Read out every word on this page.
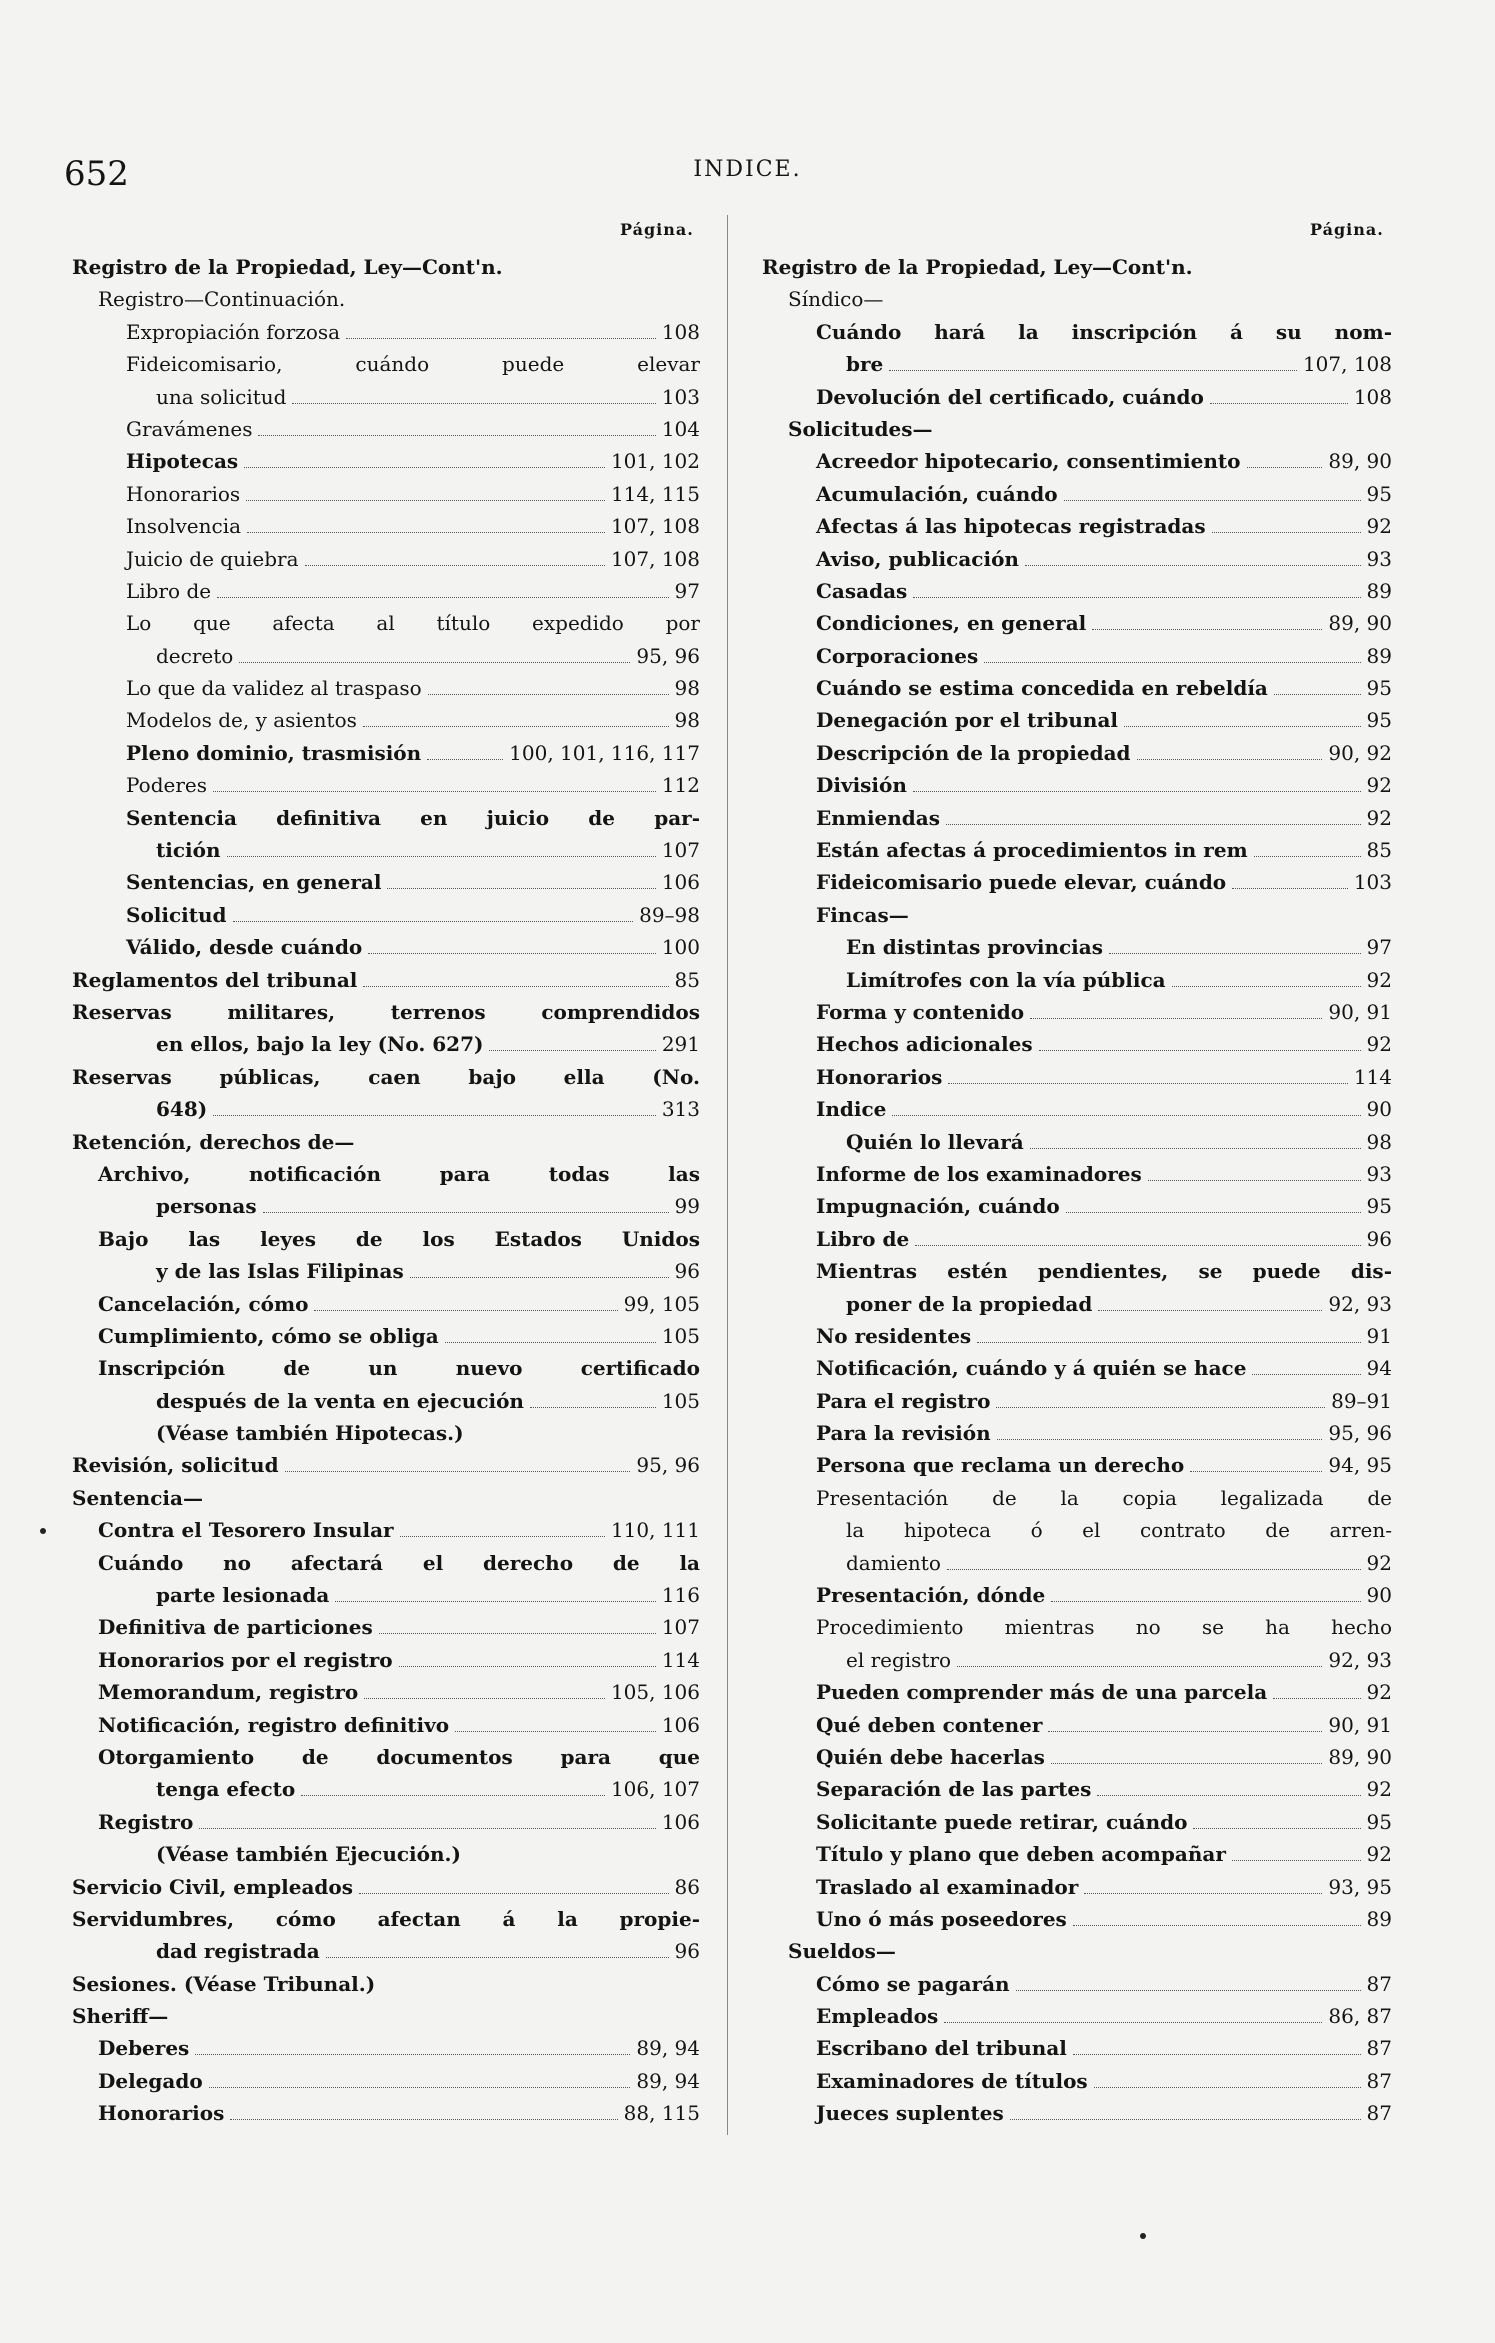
652	INDICE.
Página.	Página.
Registro de la Propiedad, Ley—Cont'n.
Registro—Continuación.
Expropiación forzosa	108
Fideicomisario, cuándo puede elevar
una solicitud	103
Gravámenes	104
Hipotecas	101, 102
Honorarios	114, 115
Insolvencia	107, 108
Juicio de quiebra	107, 108
Libro de	97
Lo que afecta al título expedido por
decreto	95, 96
Lo que da validez al traspaso	98
Modelos de, y asientos	98
Pleno dominio, trasmisión	100, 101, 116, 117
Poderes	112
Sentencia definitiva en juicio de par-
tición	107
Sentencias, en general	106
Solicitud	89–98
Válido, desde cuándo	100
Reglamentos del tribunal	85
Reservas militares, terrenos comprendidos
en ellos, bajo la ley (No. 627)	291
Reservas públicas, caen bajo ella (No.
648)	313
Retención, derechos de—
Archivo, notificación para todas las
personas	99
Bajo las leyes de los Estados Unidos
y de las Islas Filipinas	96
Cancelación, cómo	99, 105
Cumplimiento, cómo se obliga	105
Inscripción de un nuevo certificado
después de la venta en ejecución	105
(Véase también Hipotecas.)
Revisión, solicitud	95, 96
Sentencia—
Contra el Tesorero Insular	110, 111
Cuándo no afectará el derecho de la
parte lesionada	116
Definitiva de particiones	107
Honorarios por el registro	114
Memorandum, registro	105, 106
Notificación, registro definitivo	106
Otorgamiento de documentos para que
tenga efecto	106, 107
Registro	106
(Véase también Ejecución.)
Servicio Civil, empleados	86
Servidumbres, cómo afectan á la propie-
dad registrada	96
Sesiones. (Véase Tribunal.)
Sheriff—
Deberes	89, 94
Delegado	89, 94
Honorarios	88, 115
Registro de la Propiedad, Ley—Cont'n.
Síndico—
Cuándo hará la inscripción á su nom-
bre	107, 108
Devolución del certificado, cuándo	108
Solicitudes—
Acreedor hipotecario, consentimiento	89, 90
Acumulación, cuándo	95
Afectas á las hipotecas registradas	92
Aviso, publicación	93
Casadas	89
Condiciones, en general	89, 90
Corporaciones	89
Cuándo se estima concedida en rebeldía	95
Denegación por el tribunal	95
Descripción de la propiedad	90, 92
División	92
Enmiendas	92
Están afectas á procedimientos in rem	85
Fideicomisario puede elevar, cuándo	103
Fincas—
En distintas provincias	97
Limítrofes con la vía pública	92
Forma y contenido	90, 91
Hechos adicionales	92
Honorarios	114
Indice	90
Quién lo llevará	98
Informe de los examinadores	93
Impugnación, cuándo	95
Libro de	96
Mientras estén pendientes, se puede dis-
poner de la propiedad	92, 93
No residentes	91
Notificación, cuándo y á quién se hace	94
Para el registro	89–91
Para la revisión	95, 96
Persona que reclama un derecho	94, 95
Presentación de la copia legalizada de
la hipoteca ó el contrato de arren-
damiento	92
Presentación, dónde	90
Procedimiento mientras no se ha hecho
el registro	92, 93
Pueden comprender más de una parcela	92
Qué deben contener	90, 91
Quién debe hacerlas	89, 90
Separación de las partes	92
Solicitante puede retirar, cuándo	95
Título y plano que deben acompañar	92
Traslado al examinador	93, 95
Uno ó más poseedores	89
Sueldos—
Cómo se pagarán	87
Empleados	86, 87
Escribano del tribunal	87
Examinadores de títulos	87
Jueces suplentes	87
